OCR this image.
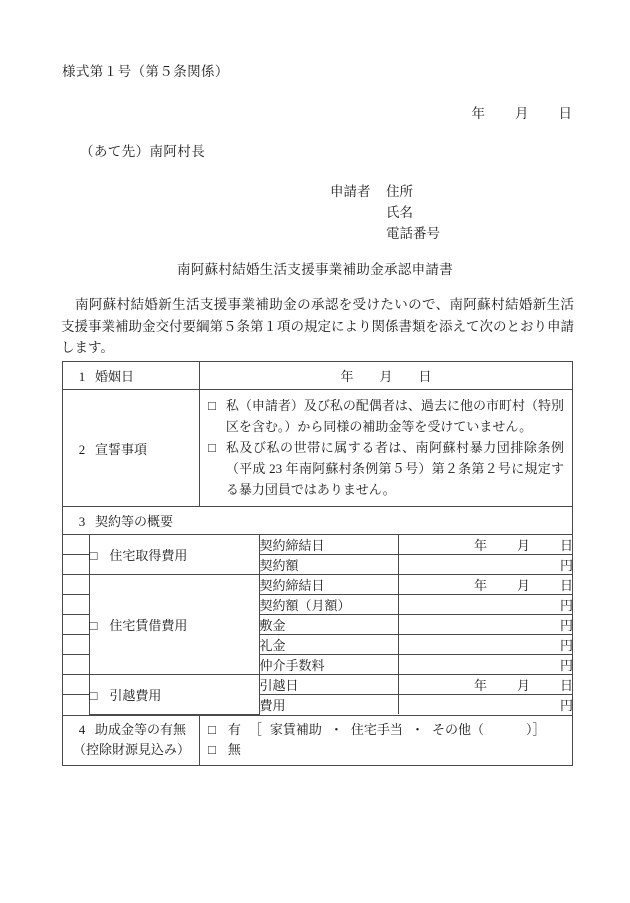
様式第１号（第５条関係）
年 月 日
（あて先）南阿村長
申請者 住所
氏名
電話番号
南阿蘇村結婚生活支援事業補助金承認申請書
南阿蘇村結婚新生活支援事業補助金の承認を受けたいので、南阿蘇村結婚新生活支援事業補助金交付要綱第５条第１項の規定により関係書類を添えて次のとおり申請します。
1 婚姻日	年 月 日

2 宣誓事項

□ 私（申請者）及び私の配偶者は、過去に他の市町村（特別区を含む。）から同様の補助金等を受けていません。
□ 私及び私の世帯に属する者は、南阿蘇村暴力団排除条例（平成 23 年南阿蘇村条例第５号）第２条第２号に規定する暴力団員ではありません。

3 契約等の概要

	□ 住宅取得費用	契約締結日	年 月 日
	契約額	円
	□ 住宅賃借費用	契約締結日	年 月 日
	契約額（月額）	円
	敷金	円
	礼金	円
	仲介手数料	円
	□ 引越費用	引越日	年 月 日
	費用	円

4 助成金等の有無
（控除財源見込み）

□ 有 ［ 家賃補助 ・ 住宅手当 ・ その他（	）］
□ 無
